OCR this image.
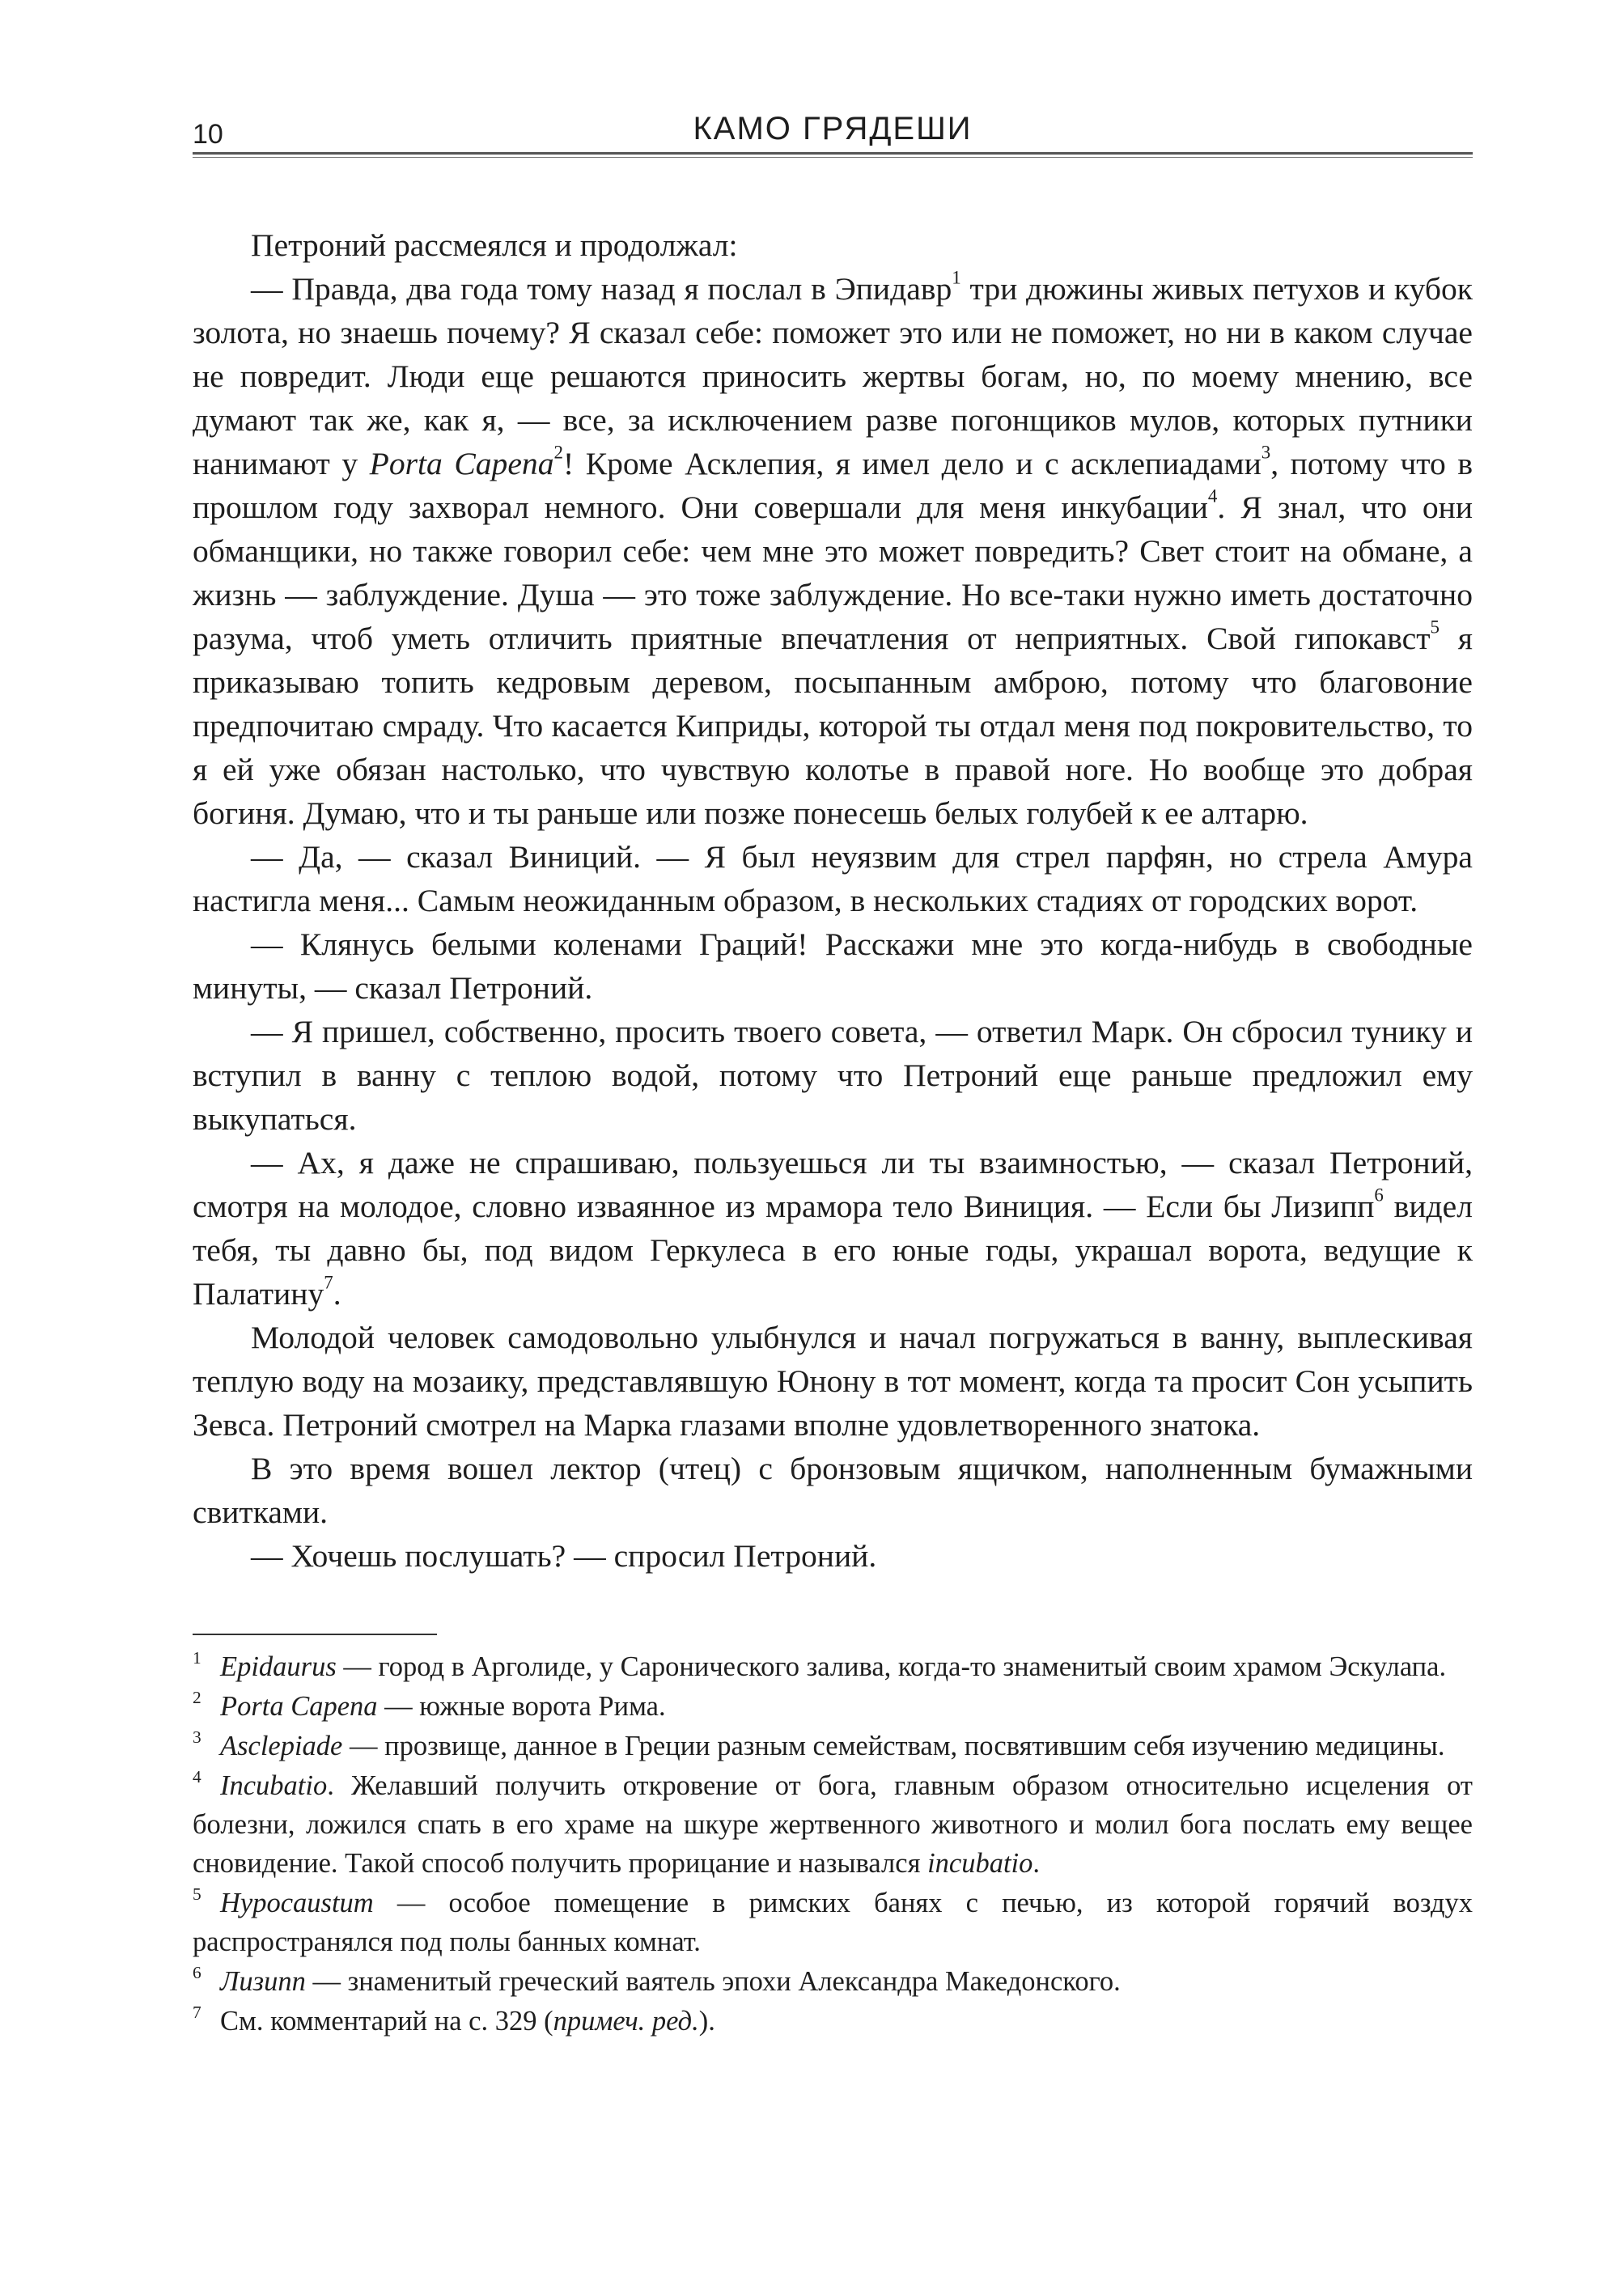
10	КАМО ГРЯДЕШИ

Петроний рассмеялся и продолжал:

— Правда, два года тому назад я послал в Эпидавр$^1$ три дюжины живых петухов и кубок золота, но знаешь почему? Я сказал себе: поможет это или не поможет, но ни в каком случае не повредит. Люди еще решаются приносить жертвы богам, но, по моему мнению, все думают так же, как я, — все, за исключением разве погонщиков мулов, которых путники нанимают у Porta Capena$^2$! Кроме Асклепия, я имел дело и с асклепиадами$^3$, потому что в прошлом году захворал немного. Они совершали для меня инкубации$^4$. Я знал, что они обманщики, но также говорил себе: чем мне это может повредить? Свет стоит на обмане, а жизнь — заблуждение. Душа — это тоже заблуждение. Но все-таки нужно иметь достаточно разума, чтоб уметь отличить приятные впечатления от неприятных. Свой гипокавст$^5$ я приказываю топить кедровым деревом, посыпанным амброю, потому что благовоние предпочитаю смраду. Что касается Киприды, которой ты отдал меня под покровительство, то я ей уже обязан настолько, что чувствую колотье в правой ноге. Но вообще это добрая богиня. Думаю, что и ты раньше или позже понесешь белых голубей к ее алтарю.

— Да, — сказал Виниций. — Я был неуязвим для стрел парфян, но стрела Амура настигла меня... Самым неожиданным образом, в нескольких стадиях от городских ворот.

— Клянусь белыми коленами Граций! Расскажи мне это когда-нибудь в свободные минуты, — сказал Петроний.

— Я пришел, собственно, просить твоего совета, — ответил Марк. Он сбросил тунику и вступил в ванну с теплою водой, потому что Петроний еще раньше предложил ему выкупаться.

— Ах, я даже не спрашиваю, пользуешься ли ты взаимностью, — сказал Петроний, смотря на молодое, словно изваянное из мрамора тело Виниция. — Если бы Лизипп$^6$ видел тебя, ты давно бы, под видом Геркулеса в его юные годы, украшал ворота, ведущие к Палатину$^7$.

Молодой человек самодовольно улыбнулся и начал погружаться в ванну, выплескивая теплую воду на мозаику, представлявшую Юнону в тот момент, когда та просит Сон усыпить Зевса. Петроний смотрел на Марка глазами вполне удовлетворенного знатока.

В это время вошел лектор (чтец) с бронзовым ящичком, наполненным бумажными свитками.

— Хочешь послушать? — спросил Петроний.

1 Epidaurus — город в Арголиде, у Саронического залива, когда-то знаменитый своим храмом Эскулапа.
2 Porta Capena — южные ворота Рима.
3 Asclepiade — прозвище, данное в Греции разным семействам, посвятившим себя изучению медицины.
4 Incubatio. Желавший получить откровение от бога, главным образом относительно исцеления от болезни, ложился спать в его храме на шкуре жертвенного животного и молил бога послать ему вещее сновидение. Такой способ получить прорицание и назывался incubatio.
5 Hypocaustum — особое помещение в римских банях с печью, из которой горячий воздух распространялся под полы банных комнат.
6 Лизипп — знаменитый греческий ваятель эпохи Александра Македонского.
7 См. комментарий на с. 329 (примеч. ред.).
